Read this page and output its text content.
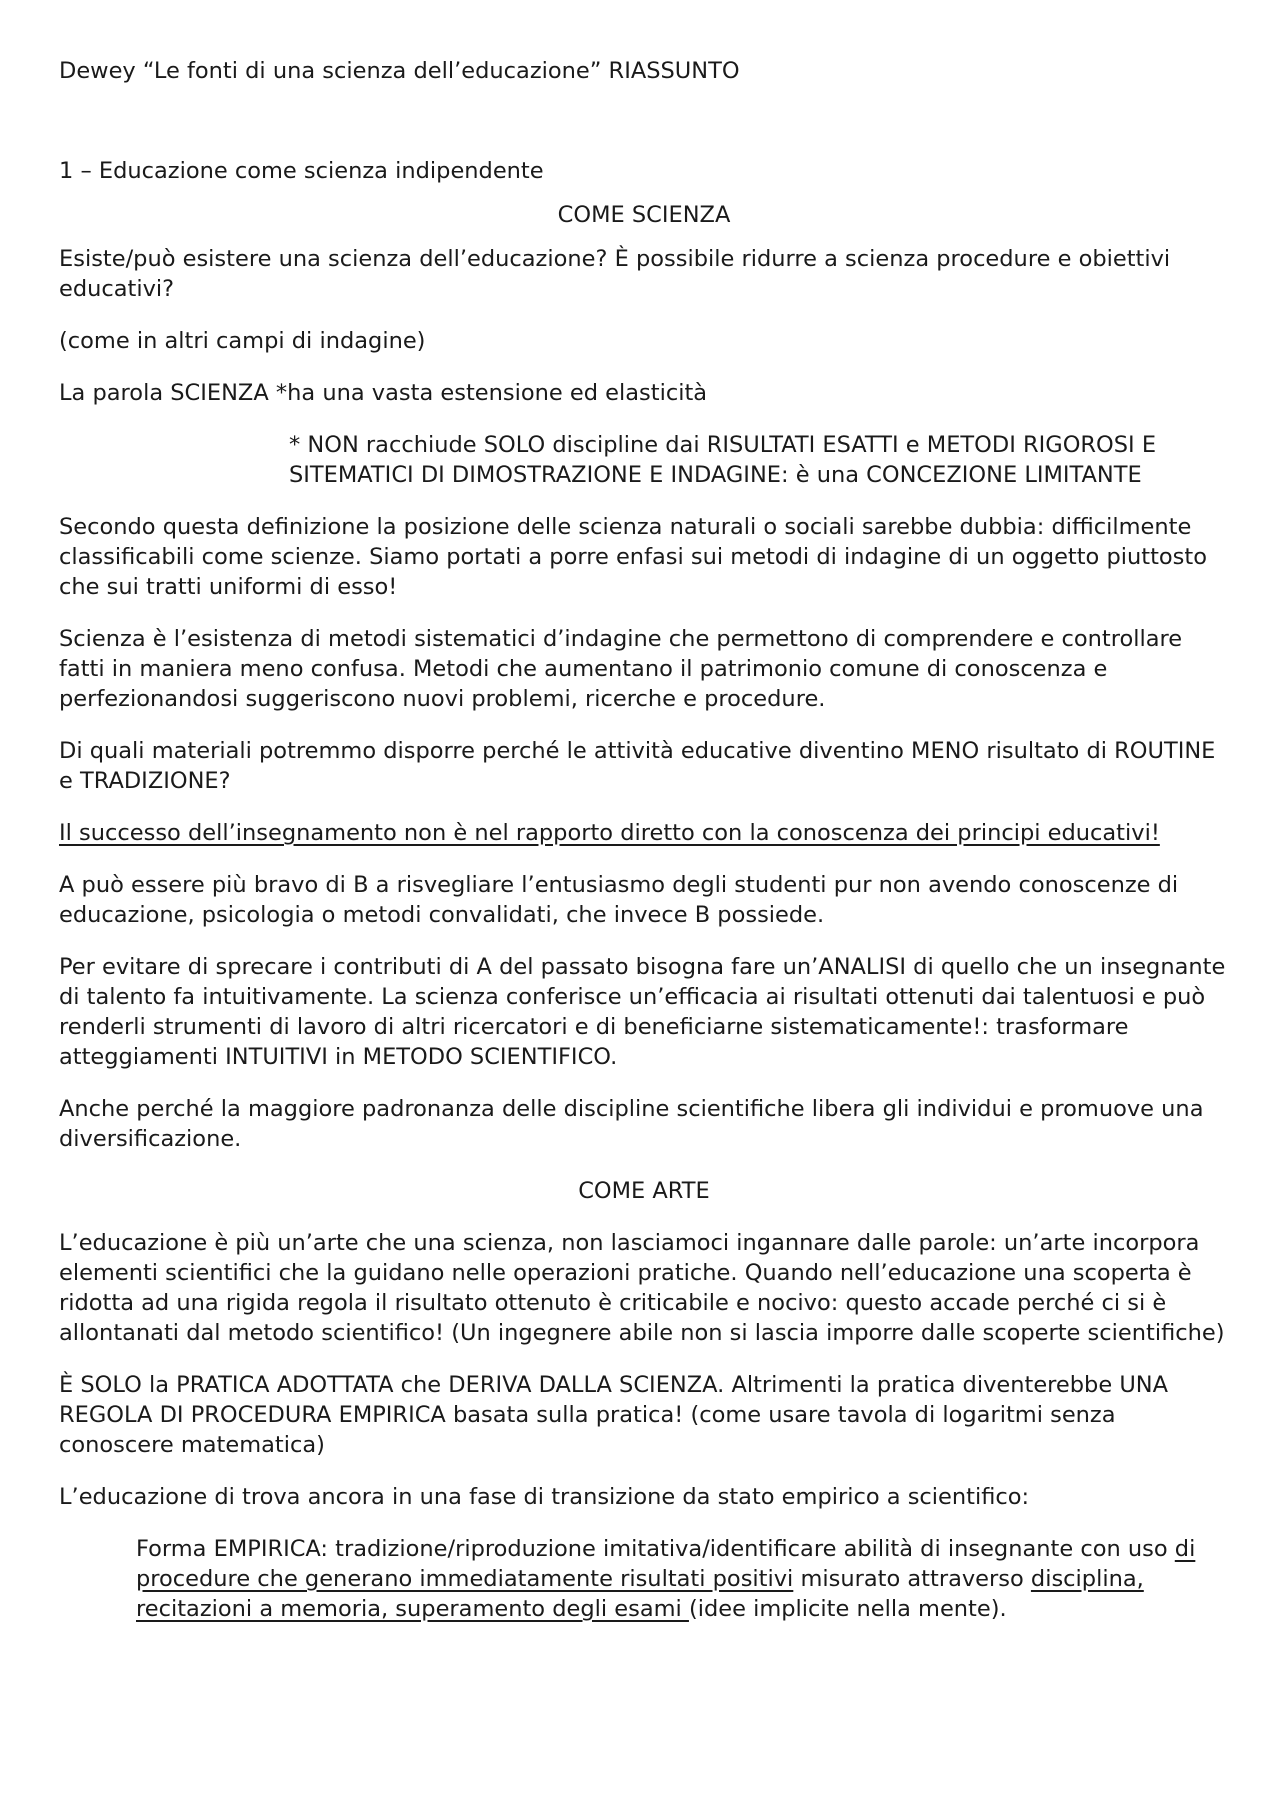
Dewey “Le fonti di una scienza dell’educazione” RIASSUNTO

1 – Educazione come scienza indipendente

COME SCIENZA

Esiste/può esistere una scienza dell’educazione? È possibile ridurre a scienza procedure e obiettivi educativi?

(come in altri campi di indagine)

La parola SCIENZA *ha una vasta estensione ed elasticità

* NON racchiude SOLO discipline dai RISULTATI ESATTI e METODI RIGOROSI E SITEMATICI DI DIMOSTRAZIONE E INDAGINE: è una CONCEZIONE LIMITANTE

Secondo questa definizione la posizione delle scienza naturali o sociali sarebbe dubbia: difficilmente classificabili come scienze. Siamo portati a porre enfasi sui metodi di indagine di un oggetto piuttosto che sui tratti uniformi di esso!

Scienza è l’esistenza di metodi sistematici d’indagine che permettono di comprendere e controllare fatti in maniera meno confusa. Metodi che aumentano il patrimonio comune di conoscenza e perfezionandosi suggeriscono nuovi problemi, ricerche e procedure.

Di quali materiali potremmo disporre perché le attività educative diventino MENO risultato di ROUTINE e TRADIZIONE?

Il successo dell’insegnamento non è nel rapporto diretto con la conoscenza dei principi educativi!

A può essere più bravo di B a risvegliare l’entusiasmo degli studenti pur non avendo conoscenze di educazione, psicologia o metodi convalidati, che invece B possiede.

Per evitare di sprecare i contributi di A del passato bisogna fare un’ANALISI di quello che un insegnante di talento fa intuitivamente. La scienza conferisce un’efficacia ai risultati ottenuti dai talentuosi e può renderli strumenti di lavoro di altri ricercatori e di beneficiarne sistematicamente!: trasformare atteggiamenti INTUITIVI in METODO SCIENTIFICO.

Anche perché la maggiore padronanza delle discipline scientifiche libera gli individui e promuove una diversificazione.

COME ARTE

L’educazione è più un’arte che una scienza, non lasciamoci ingannare dalle parole: un’arte incorpora elementi scientifici che la guidano nelle operazioni pratiche. Quando nell’educazione una scoperta è ridotta ad una rigida regola il risultato ottenuto è criticabile e nocivo: questo accade perché ci si è allontanati dal metodo scientifico! (Un ingegnere abile non si lascia imporre dalle scoperte scientifiche)

È SOLO la PRATICA ADOTTATA che DERIVA DALLA SCIENZA. Altrimenti la pratica diventerebbe UNA REGOLA DI PROCEDURA EMPIRICA basata sulla pratica! (come usare tavola di logaritmi senza conoscere matematica)

L’educazione di trova ancora in una fase di transizione da stato empirico a scientifico:

Forma EMPIRICA: tradizione/riproduzione imitativa/identificare abilità di insegnante con uso di procedure che generano immediatamente risultati positivi misurato attraverso disciplina, recitazioni a memoria, superamento degli esami (idee implicite nella mente).
